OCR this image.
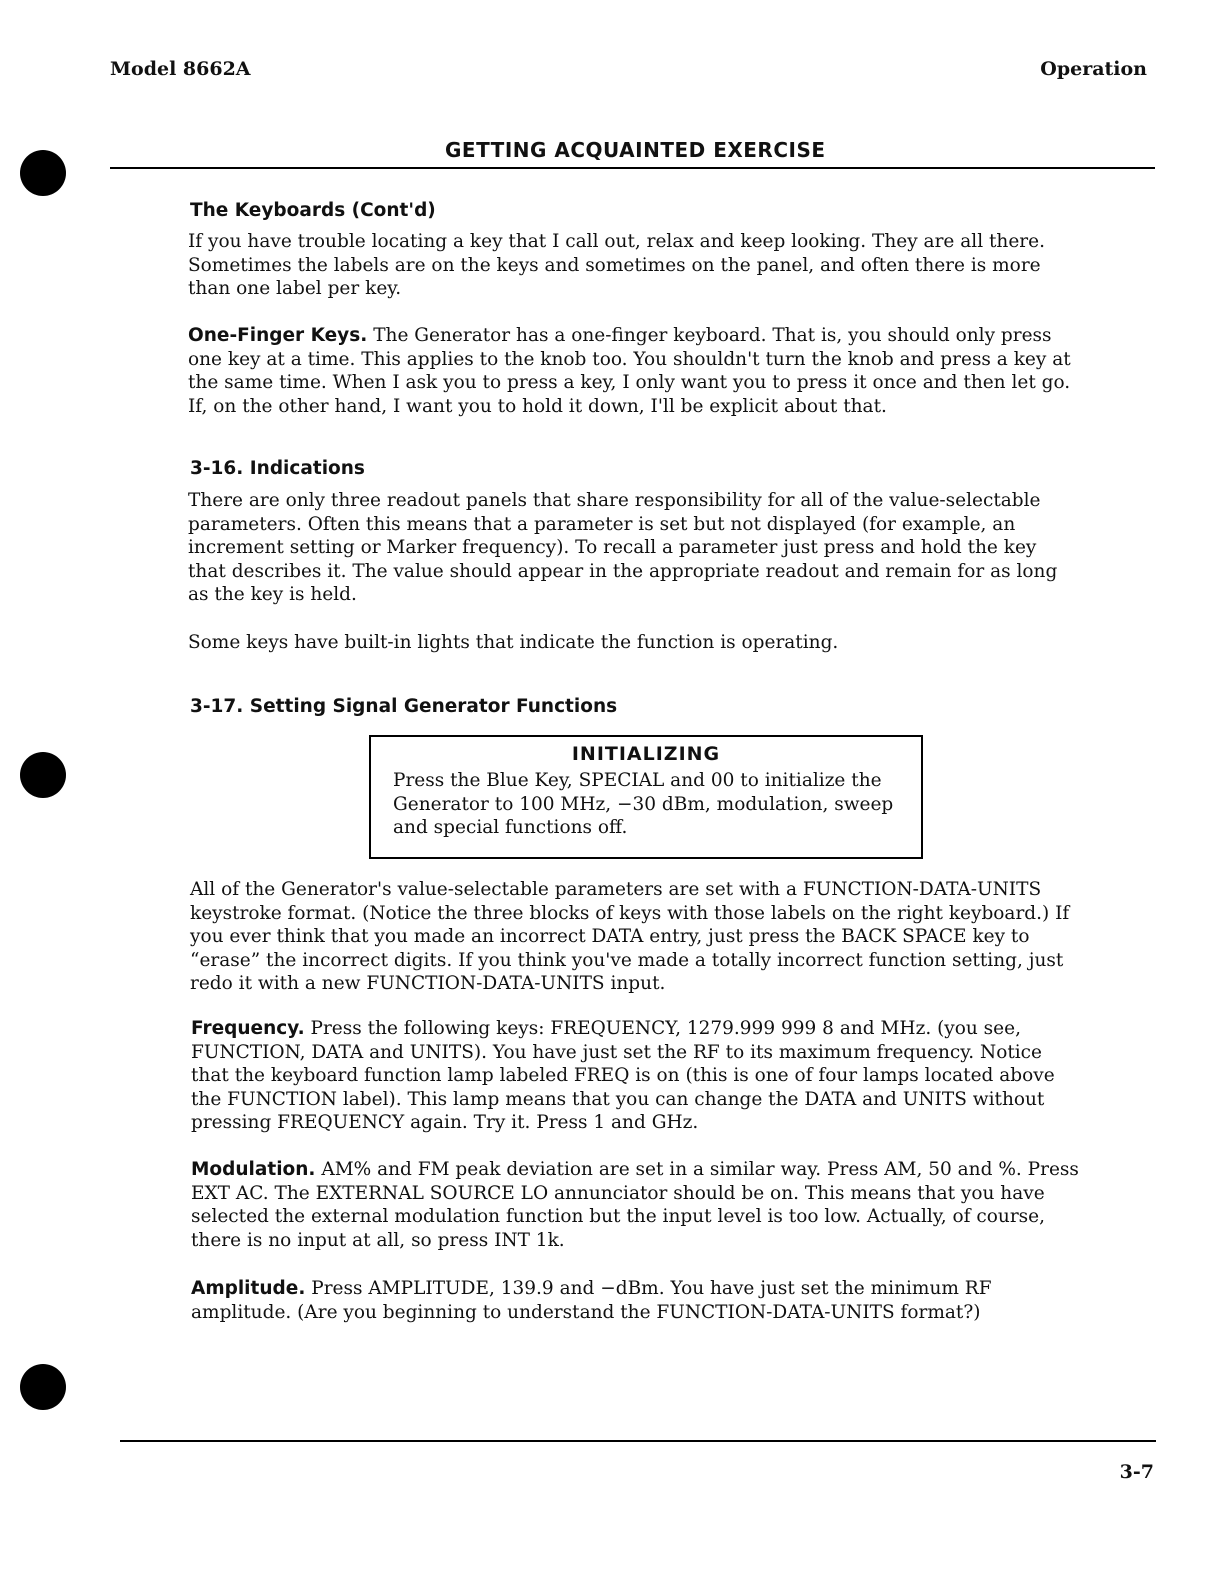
Model 8662A	Operation
GETTING ACQUAINTED EXERCISE
The Keyboards (Cont'd)

If you have trouble locating a key that I call out, relax and keep looking. They are all there. Sometimes the labels are on the keys and sometimes on the panel, and often there is more than one label per key.

One-Finger Keys. The Generator has a one-finger keyboard. That is, you should only press one key at a time. This applies to the knob too. You shouldn't turn the knob and press a key at the same time. When I ask you to press a key, I only want you to press it once and then let go. If, on the other hand, I want you to hold it down, I'll be explicit about that.

3-16. Indications

There are only three readout panels that share responsibility for all of the value-selectable parameters. Often this means that a parameter is set but not displayed (for example, an increment setting or Marker frequency). To recall a parameter just press and hold the key that describes it. The value should appear in the appropriate readout and remain for as long as the key is held.

Some keys have built-in lights that indicate the function is operating.

3-17. Setting Signal Generator Functions
INITIALIZING

Press the Blue Key, SPECIAL and 00 to initialize the Generator to 100 MHz, −30 dBm, modulation, sweep and special functions off.

All of the Generator's value-selectable parameters are set with a FUNCTION-DATA-UNITS keystroke format. (Notice the three blocks of keys with those labels on the right keyboard.) If you ever think that you made an incorrect DATA entry, just press the BACK SPACE key to “erase” the incorrect digits. If you think you've made a totally incorrect function setting, just redo it with a new FUNCTION-DATA-UNITS input.

Frequency. Press the following keys: FREQUENCY, 1279.999 999 8 and MHz. (you see, FUNCTION, DATA and UNITS). You have just set the RF to its maximum frequency. Notice that the keyboard function lamp labeled FREQ is on (this is one of four lamps located above the FUNCTION label). This lamp means that you can change the DATA and UNITS without pressing FREQUENCY again. Try it. Press 1 and GHz.

Modulation. AM% and FM peak deviation are set in a similar way. Press AM, 50 and %. Press EXT AC. The EXTERNAL SOURCE LO annunciator should be on. This means that you have selected the external modulation function but the input level is too low. Actually, of course, there is no input at all, so press INT 1k.

Amplitude. Press AMPLITUDE, 139.9 and −dBm. You have just set the minimum RF amplitude. (Are you beginning to understand the FUNCTION-DATA-UNITS format?)

3-7
